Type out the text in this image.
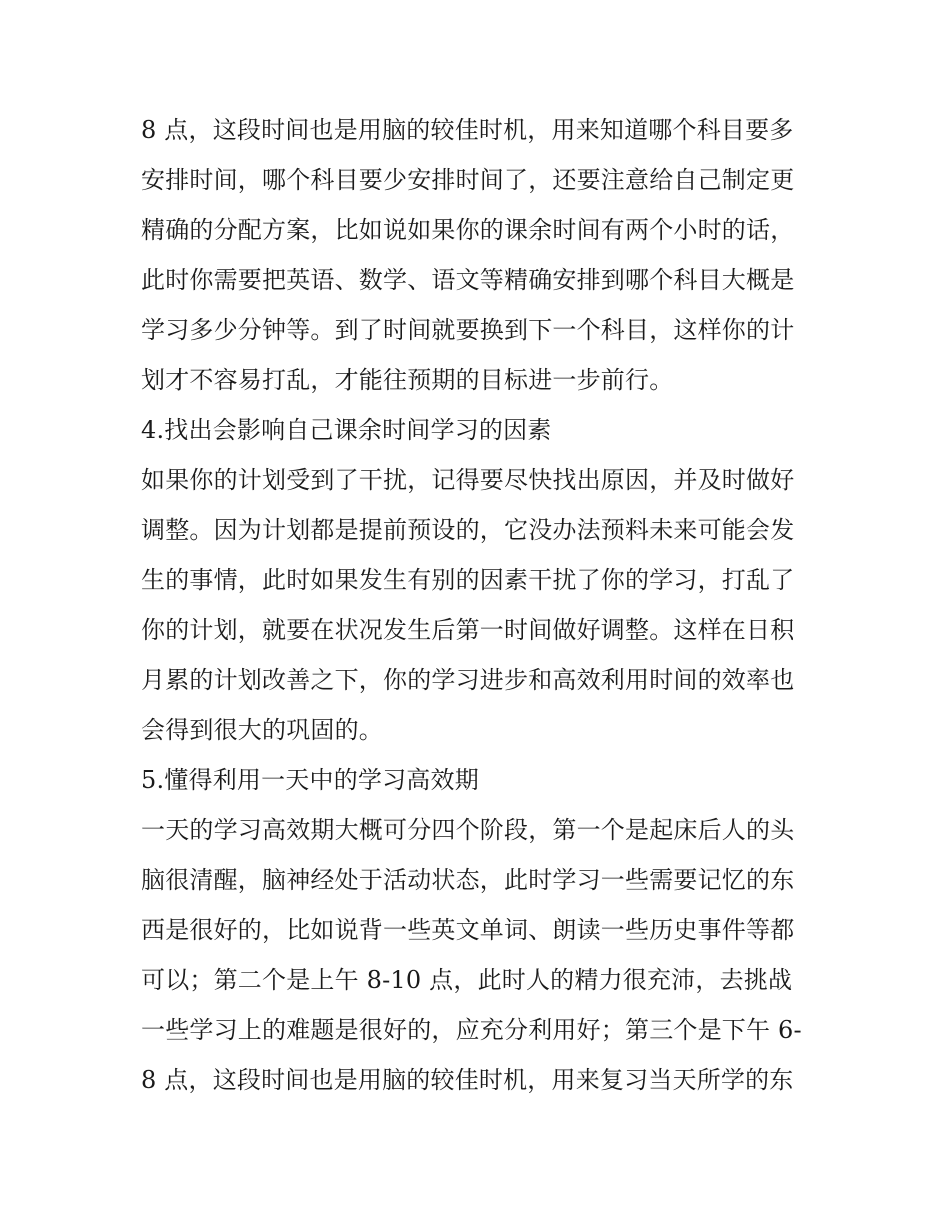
8 点，这段时间也是用脑的较佳时机，用来知道哪个科目要多
安排时间，哪个科目要少安排时间了，还要注意给自己制定更
精确的分配方案，比如说如果你的课余时间有两个小时的话，
此时你需要把英语、数学、语文等精确安排到哪个科目大概是
学习多少分钟等。到了时间就要换到下一个科目，这样你的计
划才不容易打乱，才能往预期的目标进一步前行。
4.找出会影响自己课余时间学习的因素
如果你的计划受到了干扰，记得要尽快找出原因，并及时做好
调整。因为计划都是提前预设的，它没办法预料未来可能会发
生的事情，此时如果发生有别的因素干扰了你的学习，打乱了
你的计划，就要在状况发生后第一时间做好调整。这样在日积
月累的计划改善之下，你的学习进步和高效利用时间的效率也
会得到很大的巩固的。
5.懂得利用一天中的学习高效期
一天的学习高效期大概可分四个阶段，第一个是起床后人的头
脑很清醒，脑神经处于活动状态，此时学习一些需要记忆的东
西是很好的，比如说背一些英文单词、朗读一些历史事件等都
可以；第二个是上午 8-10 点，此时人的精力很充沛，去挑战
一些学习上的难题是很好的，应充分利用好；第三个是下午 6-
8 点，这段时间也是用脑的较佳时机，用来复习当天所学的东
